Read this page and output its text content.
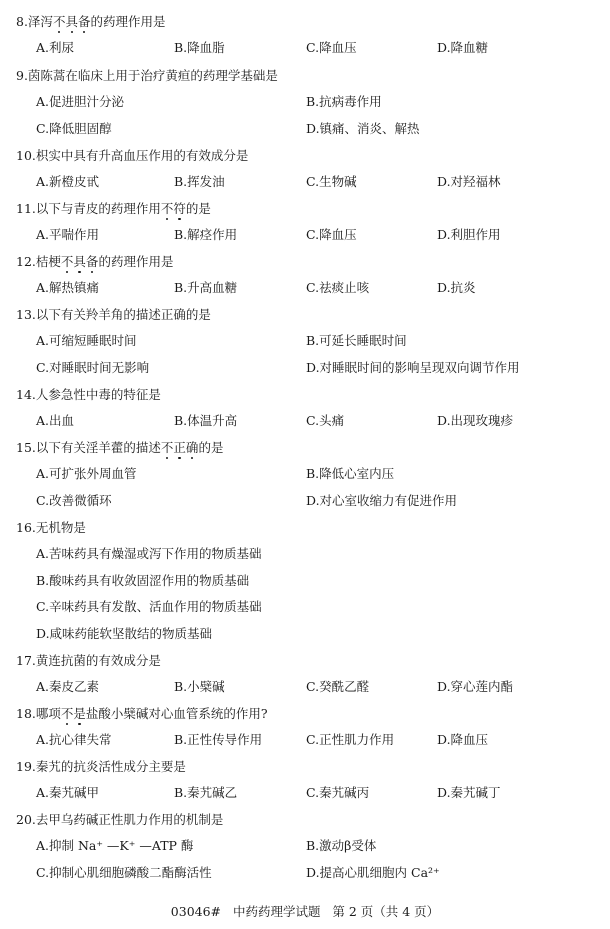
8.泽泻不具备的药理作用是
A.利尿	B.降血脂	C.降血压	D.降血糖
9.茵陈蒿在临床上用于治疗黄疸的药理学基础是
A.促进胆汁分泌	B.抗病毒作用
C.降低胆固醇	D.镇痛、消炎、解热
10.枳实中具有升高血压作用的有效成分是
A.新橙皮甙	B.挥发油	C.生物碱	D.对羟福林
11.以下与青皮的药理作用不符的是
A.平喘作用	B.解痉作用	C.降血压	D.利胆作用
12.桔梗不具备的药理作用是
A.解热镇痛	B.升高血糖	C.祛痰止咳	D.抗炎
13.以下有关羚羊角的描述正确的是
A.可缩短睡眠时间	B.可延长睡眠时间
C.对睡眠时间无影响	D.对睡眠时间的影响呈现双向调节作用
14.人参急性中毒的特征是
A.出血	B.体温升高	C.头痛	D.出现玫瑰疹
15.以下有关淫羊藿的描述不正确的是
A.可扩张外周血管	B.降低心室内压
C.改善微循环	D.对心室收缩力有促进作用
16.无机物是
A.苦味药具有燥湿或泻下作用的物质基础
B.酸味药具有收敛固涩作用的物质基础
C.辛味药具有发散、活血作用的物质基础
D.咸味药能软坚散结的物质基础
17.黄连抗菌的有效成分是
A.秦皮乙素	B.小檗碱	C.癸酰乙醛	D.穿心莲内酯
18.哪项不是盐酸小檗碱对心血管系统的作用?
A.抗心律失常	B.正性传导作用	C.正性肌力作用	D.降血压
19.秦艽的抗炎活性成分主要是
A.秦艽碱甲	B.秦艽碱乙	C.秦艽碱丙	D.秦艽碱丁
20.去甲乌药碱正性肌力作用的机制是
A.抑制 Na⁺ —K⁺ —ATP 酶	B.激动β受体
C.抑制心肌细胞磷酸二酯酶活性	D.提高心肌细胞内 Ca²⁺
03046#   中药药理学试题   第 2 页（共 4 页）
